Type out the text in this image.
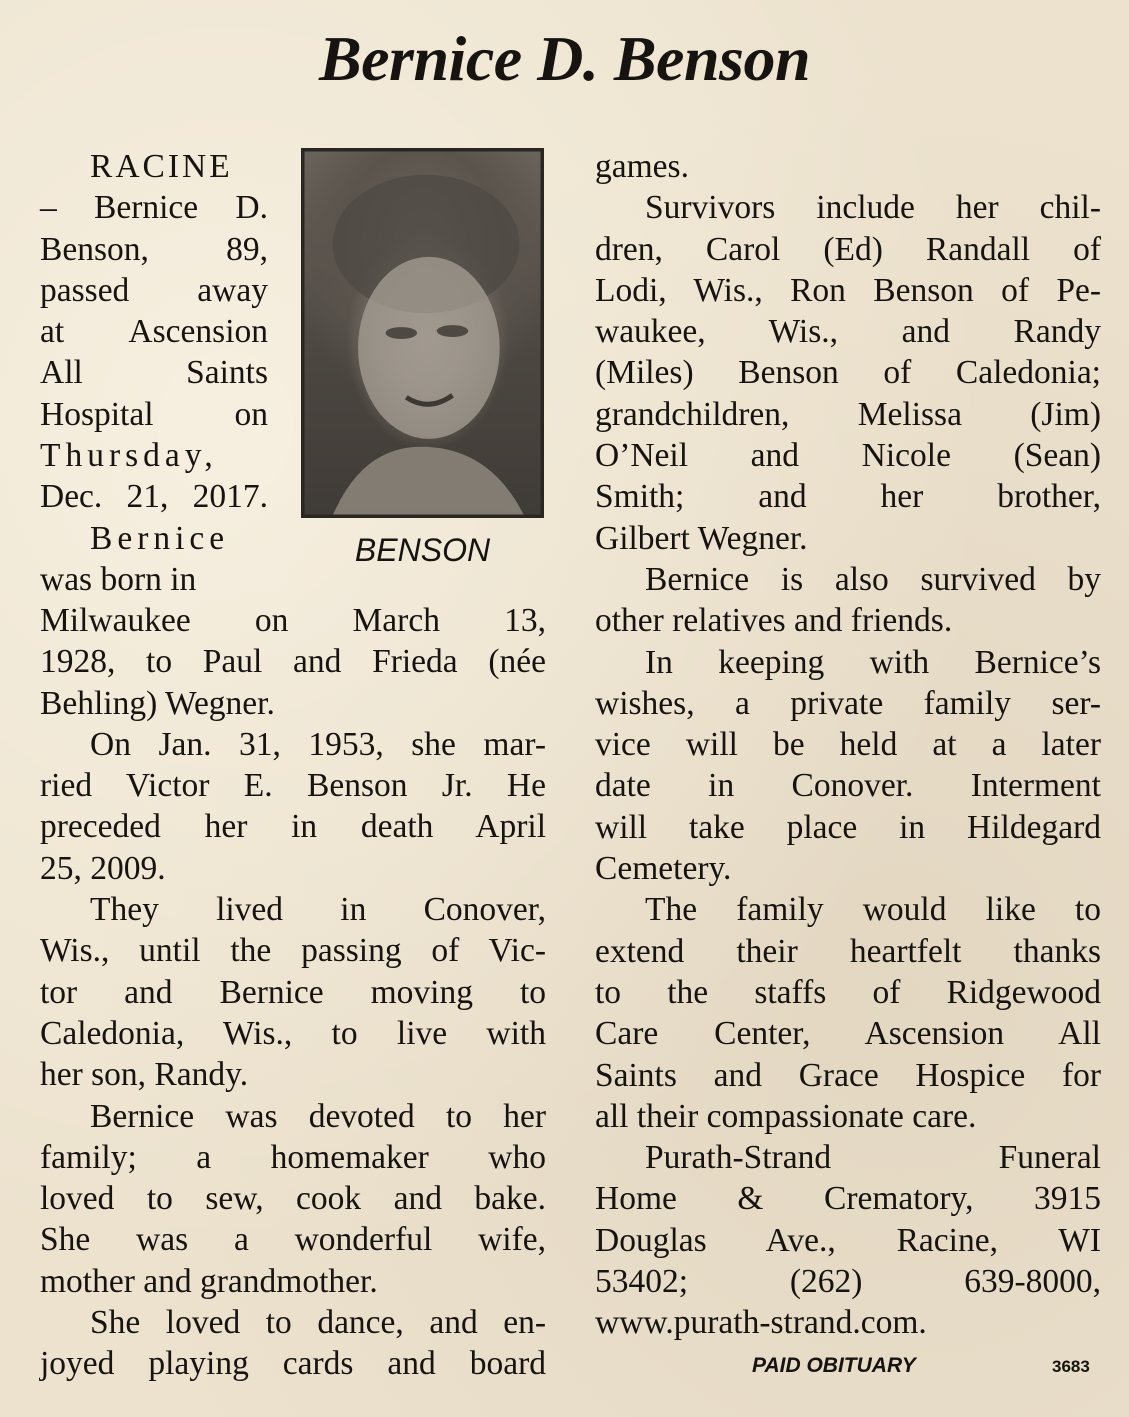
Bernice D. Benson
RACINE
– Bernice D.
Benson, 89,
passed away
at Ascension
All Saints
Hospital on
Thursday,
Dec. 21, 2017.
Bernice
was born in
BENSON
Milwaukee on March 13,
1928, to Paul and Frieda (née
Behling) Wegner.
On Jan. 31, 1953, she mar-
ried Victor E. Benson Jr. He
preceded her in death April
25, 2009.
They lived in Conover,
Wis., until the passing of Vic-
tor and Bernice moving to
Caledonia, Wis., to live with
her son, Randy.
Bernice was devoted to her
family; a homemaker who
loved to sew, cook and bake.
She was a wonderful wife,
mother and grandmother.
She loved to dance, and en-
joyed playing cards and board
games.
Survivors include her chil-
dren, Carol (Ed) Randall of
Lodi, Wis., Ron Benson of Pe-
waukee, Wis., and Randy
(Miles) Benson of Caledonia;
grandchildren, Melissa (Jim)
O’Neil and Nicole (Sean)
Smith; and her brother,
Gilbert Wegner.
Bernice is also survived by
other relatives and friends.
In keeping with Bernice’s
wishes, a private family ser-
vice will be held at a later
date in Conover. Interment
will take place in Hildegard
Cemetery.
The family would like to
extend their heartfelt thanks
to the staffs of Ridgewood
Care Center, Ascension All
Saints and Grace Hospice for
all their compassionate care.
Purath-Strand Funeral
Home & Crematory, 3915
Douglas Ave., Racine, WI
53402; (262) 639-8000,
www.purath-strand.com.
PAID OBITUARY	3683
